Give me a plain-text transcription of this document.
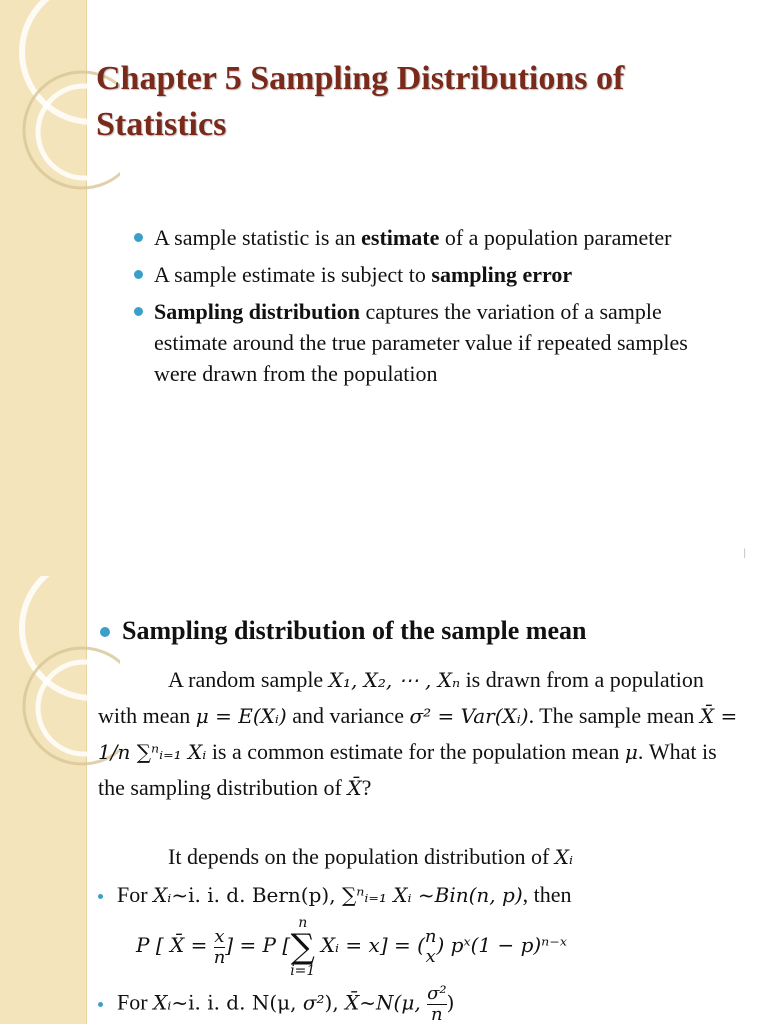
Chapter 5 Sampling Distributions of Statistics
A sample statistic is an estimate of a population parameter
A sample estimate is subject to sampling error
Sampling distribution captures the variation of a sample estimate around the true parameter value if repeated samples were drawn from the population
|
Sampling distribution of the sample mean

A random sample X₁, X₂, ⋯ , Xₙ is drawn from a population with mean μ = E(Xᵢ) and variance σ² = Var(Xᵢ). The sample mean X̄ = 1/n ∑ⁿᵢ₌₁ Xᵢ is a common estimate for the population mean μ. What is the sampling distribution of X̄?

It depends on the population distribution of Xᵢ
For Xᵢ~i. i. d. Bern(p), ∑ⁿᵢ₌₁ Xᵢ ~Bin(n, p), then
P [ X̄ = $\frac{x}{n}$ ] = P [
n
∑
i=1
Xᵢ = x] = ( n
x ) pˣ(1 − p)ⁿ⁻ˣ
For Xᵢ~i. i. d. N(μ, σ²), X̄~N(μ, $\frac{\text{σ²}}{n}$ )
